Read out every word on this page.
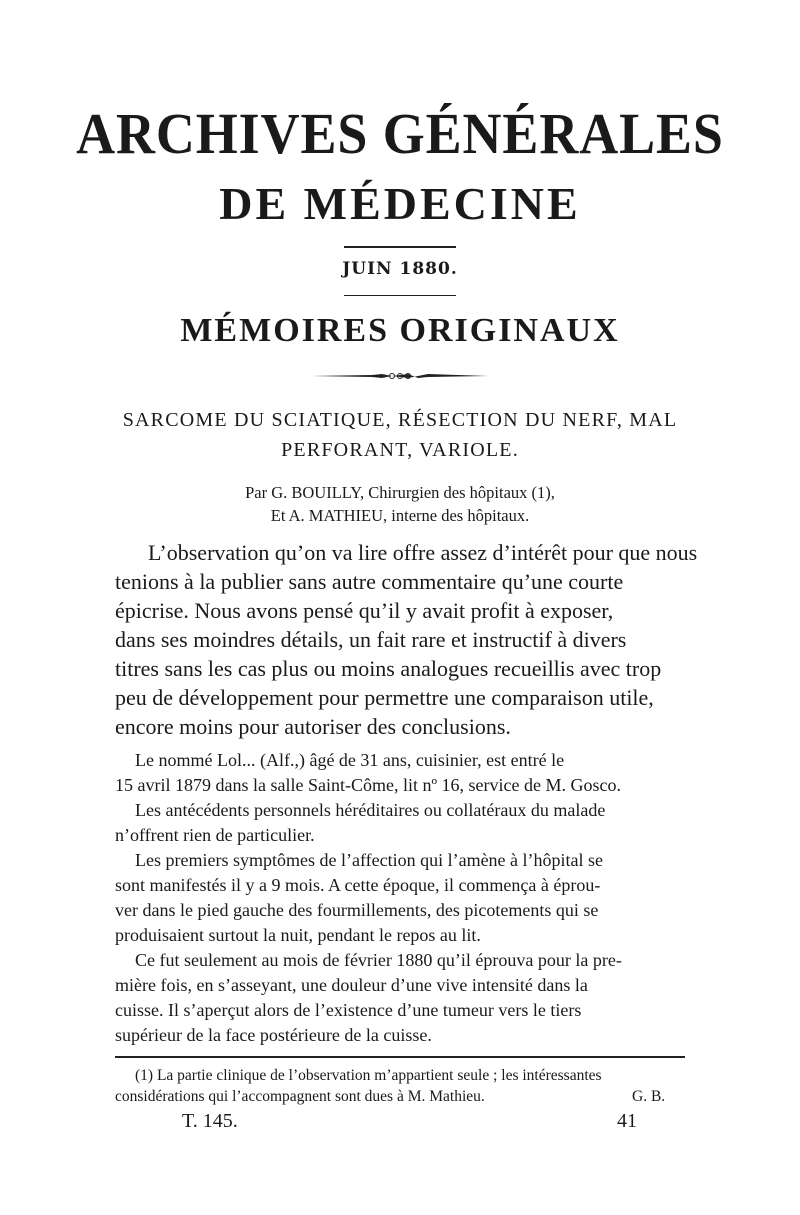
ARCHIVES GÉNÉRALES
DE MÉDECINE
JUIN 1880.
MÉMOIRES ORIGINAUX
SARCOME DU SCIATIQUE, RÉSECTION DU NERF, MAL
PERFORANT, VARIOLE.
Par G. BOUILLY, Chirurgien des hôpitaux (1),
Et A. MATHIEU, interne des hôpitaux.
L’observation qu’on va lire offre assez d’intérêt pour que nous
tenions à la publier sans autre commentaire qu’une courte
épicrise. Nous avons pensé qu’il y avait profit à exposer,
dans ses moindres détails, un fait rare et instructif à divers
titres sans les cas plus ou moins analogues recueillis avec trop
peu de développement pour permettre une comparaison utile,
encore moins pour autoriser des conclusions.
Le nommé Lol... (Alf.,) âgé de 31 ans, cuisinier, est entré le
15 avril 1879 dans la salle Saint-Côme, lit nº 16, service de M. Gosco.
Les antécédents personnels héréditaires ou collatéraux du malade
n’offrent rien de particulier.
Les premiers symptômes de l’affection qui l’amène à l’hôpital se
sont manifestés il y a 9 mois. A cette époque, il commença à éprou-
ver dans le pied gauche des fourmillements, des picotements qui se
produisaient surtout la nuit, pendant le repos au lit.
Ce fut seulement au mois de février 1880 qu’il éprouva pour la pre-
mière fois, en s’asseyant, une douleur d’une vive intensité dans la
cuisse. Il s’aperçut alors de l’existence d’une tumeur vers le tiers
supérieur de la face postérieure de la cuisse.
(1) La partie clinique de l’observation m’appartient seule ; les intéressantes
considérations qui l’accompagnent sont dues à M. Mathieu.	G. B.
T. 145.	41
